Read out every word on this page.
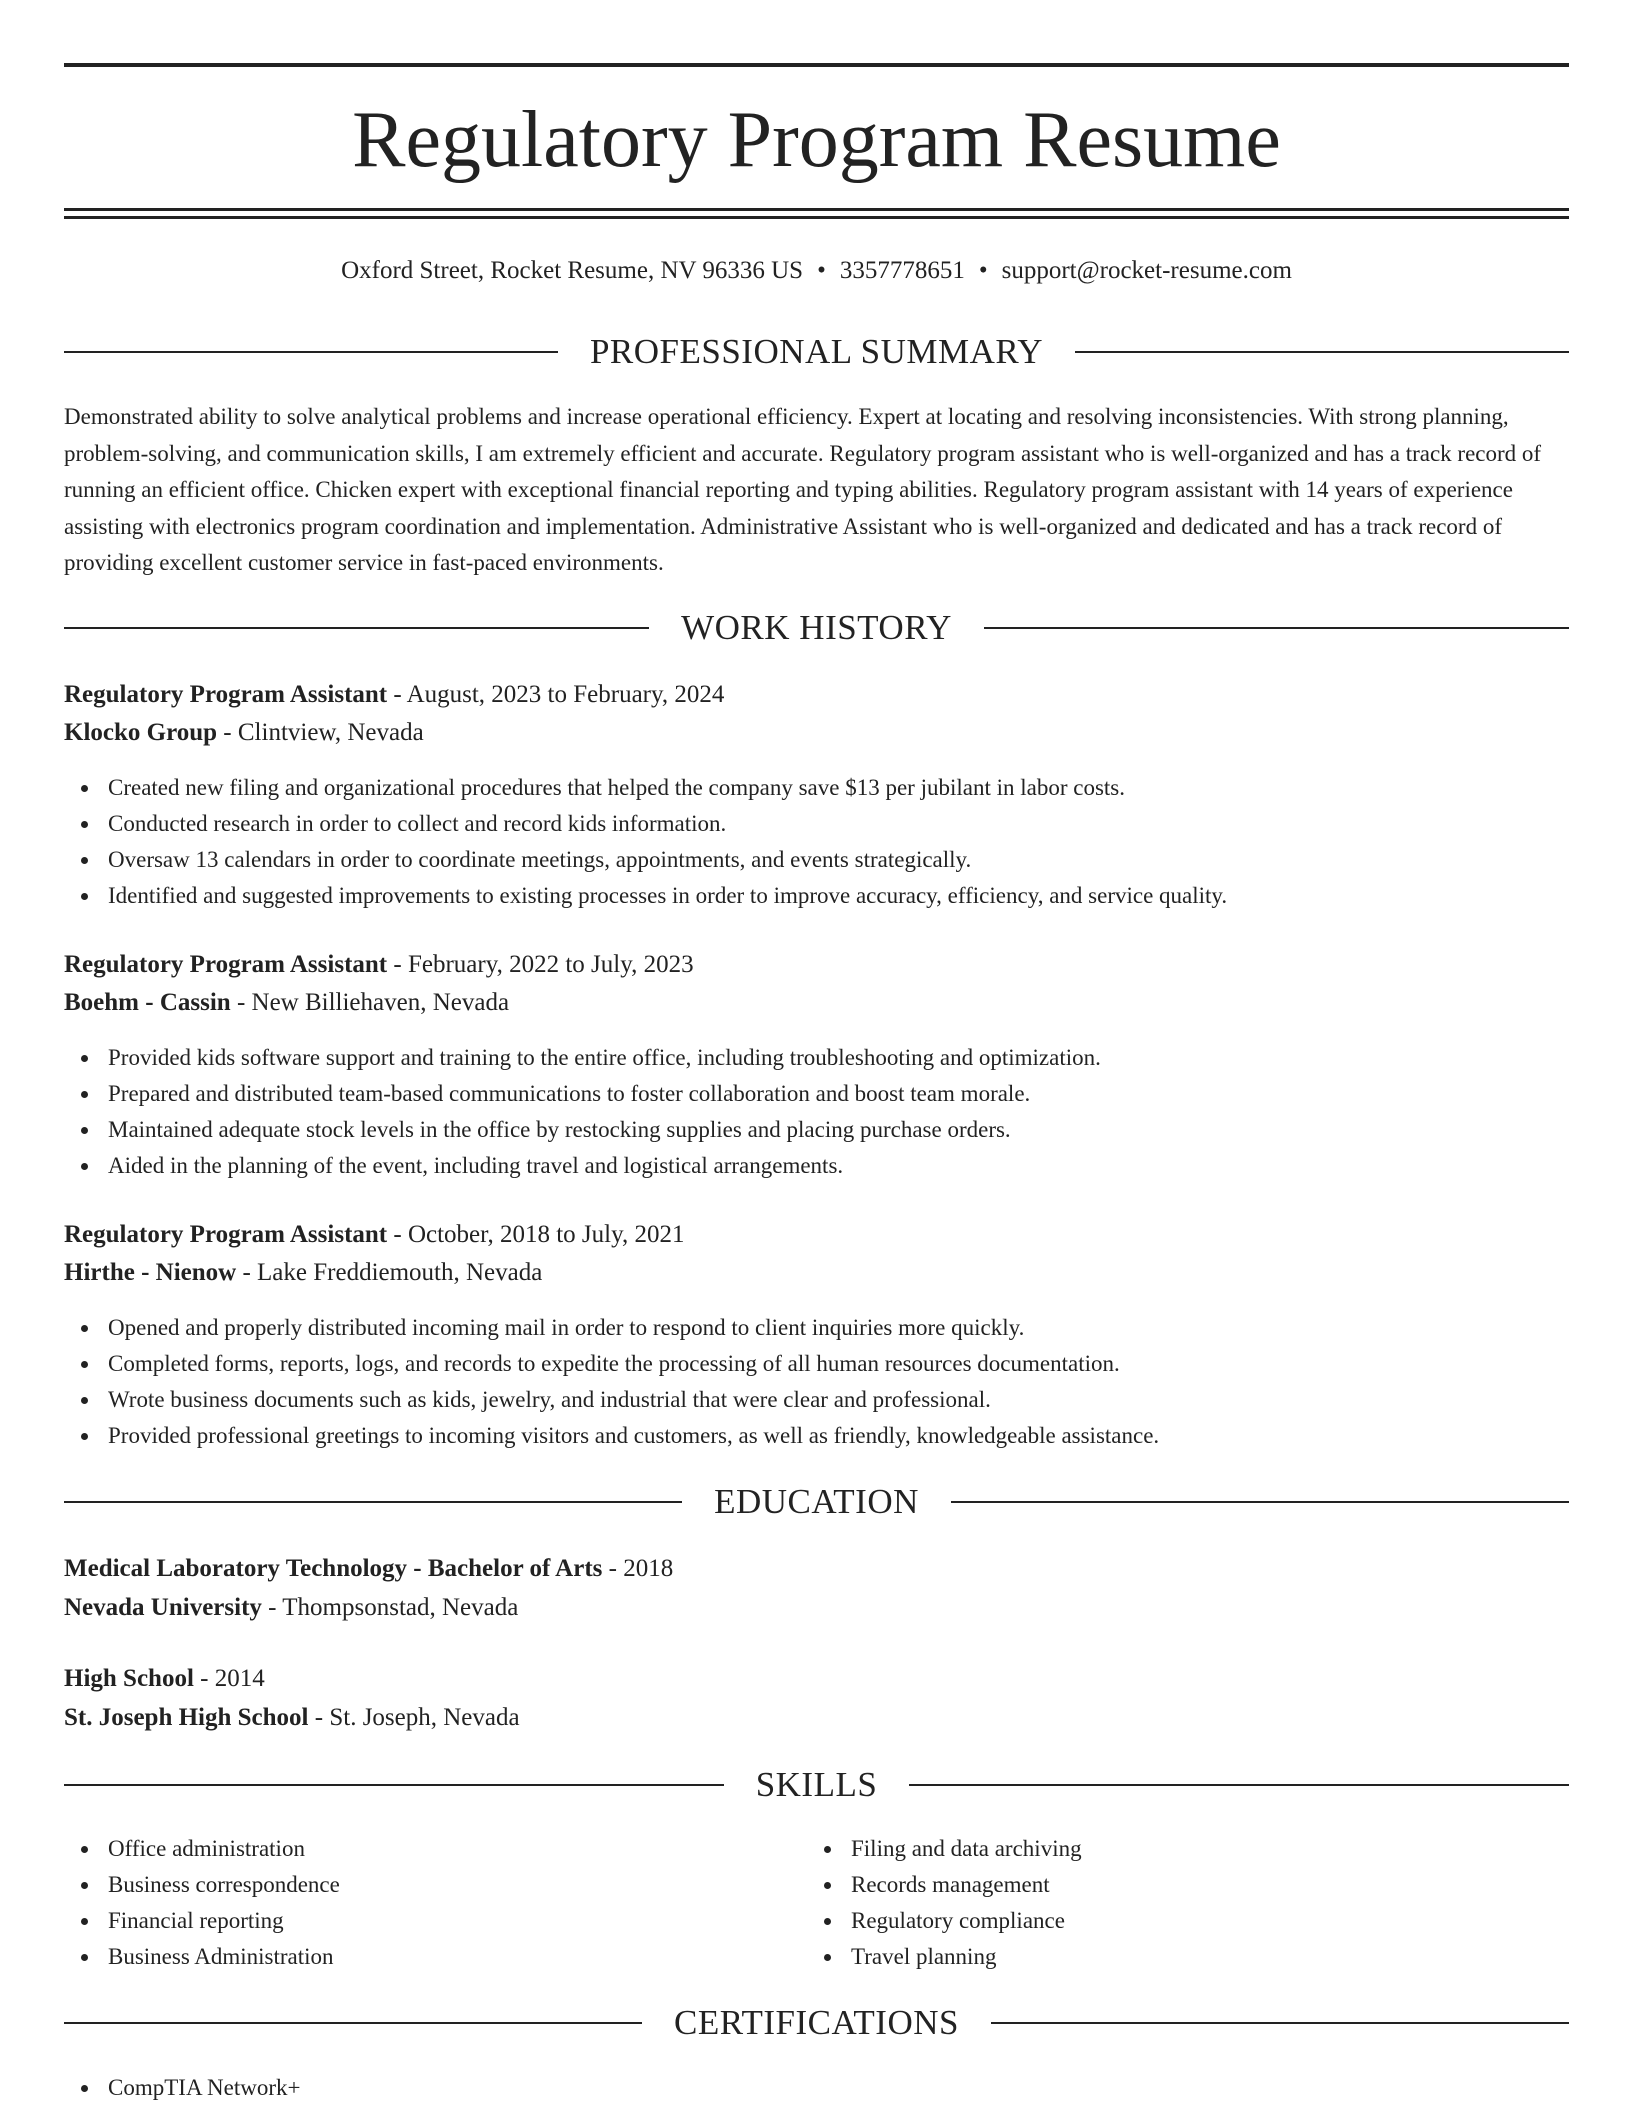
Regulatory Program Resume
Oxford Street, Rocket Resume, NV 96336 US • 3357778651 • support@rocket-resume.com
PROFESSIONAL SUMMARY

Demonstrated ability to solve analytical problems and increase operational efficiency. Expert at locating and resolving inconsistencies. With strong planning, problem-solving, and communication skills, I am extremely efficient and accurate. Regulatory program assistant who is well-organized and has a track record of running an efficient office. Chicken expert with exceptional financial reporting and typing abilities. Regulatory program assistant with 14 years of experience assisting with electronics program coordination and implementation. Administrative Assistant who is well-organized and dedicated and has a track record of providing excellent customer service in fast-paced environments.

WORK HISTORY
Regulatory Program Assistant - August, 2023 to February, 2024
Klocko Group - Clintview, Nevada
Created new filing and organizational procedures that helped the company save $13 per jubilant in labor costs.
Conducted research in order to collect and record kids information.
Oversaw 13 calendars in order to coordinate meetings, appointments, and events strategically.
Identified and suggested improvements to existing processes in order to improve accuracy, efficiency, and service quality.
Regulatory Program Assistant - February, 2022 to July, 2023
Boehm - Cassin - New Billiehaven, Nevada
Provided kids software support and training to the entire office, including troubleshooting and optimization.
Prepared and distributed team-based communications to foster collaboration and boost team morale.
Maintained adequate stock levels in the office by restocking supplies and placing purchase orders.
Aided in the planning of the event, including travel and logistical arrangements.
Regulatory Program Assistant - October, 2018 to July, 2021
Hirthe - Nienow - Lake Freddiemouth, Nevada
Opened and properly distributed incoming mail in order to respond to client inquiries more quickly.
Completed forms, reports, logs, and records to expedite the processing of all human resources documentation.
Wrote business documents such as kids, jewelry, and industrial that were clear and professional.
Provided professional greetings to incoming visitors and customers, as well as friendly, knowledgeable assistance.
EDUCATION
Medical Laboratory Technology - Bachelor of Arts - 2018
Nevada University - Thompsonstad, Nevada
High School - 2014
St. Joseph High School - St. Joseph, Nevada
SKILLS
Office administration
Business correspondence
Financial reporting
Business Administration
Filing and data archiving
Records management
Regulatory compliance
Travel planning
CERTIFICATIONS
CompTIA Network+
